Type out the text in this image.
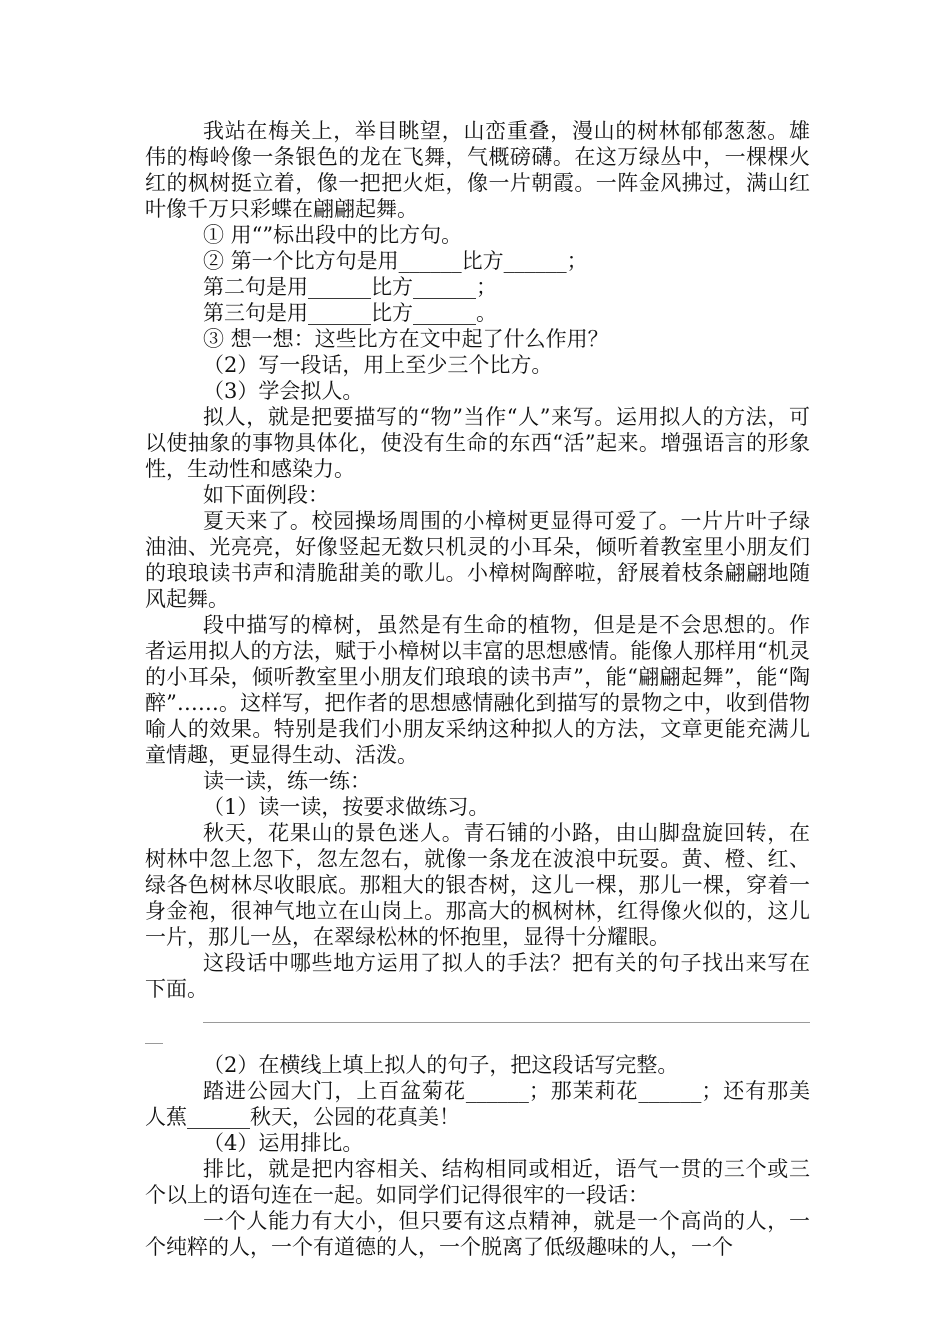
我站在梅关上，举目眺望，山峦重叠，漫山的树林郁郁葱葱。雄伟的梅岭像一条银色的龙在飞舞，气概磅礴。在这万绿丛中，一棵棵火红的枫树挺立着，像一把把火炬，像一片朝霞。一阵金风拂过，满山红叶像千万只彩蝶在翩翩起舞。

① 用“”标出段中的比方句。

② 第一个比方句是用______比方______；

第二句是用______比方______；

第三句是用______比方______。

③ 想一想：这些比方在文中起了什么作用？

（2）写一段话，用上至少三个比方。

（3）学会拟人。

拟人，就是把要描写的“物”当作“人”来写。运用拟人的方法，可以使抽象的事物具体化，使没有生命的东西“活”起来。增强语言的形象性，生动性和感染力。

如下面例段：

夏天来了。校园操场周围的小樟树更显得可爱了。一片片叶子绿油油、光亮亮，好像竖起无数只机灵的小耳朵，倾听着教室里小朋友们的琅琅读书声和清脆甜美的歌儿。小樟树陶醉啦，舒展着枝条翩翩地随风起舞。

段中描写的樟树，虽然是有生命的植物，但是是不会思想的。作者运用拟人的方法，赋于小樟树以丰富的思想感情。能像人那样用“机灵的小耳朵，倾听教室里小朋友们琅琅的读书声”，能“翩翩起舞”，能“陶醉”……。这样写，把作者的思想感情融化到描写的景物之中，收到借物喻人的效果。特别是我们小朋友采纳这种拟人的方法，文章更能充满儿童情趣，更显得生动、活泼。

读一读，练一练：

（1）读一读，按要求做练习。

秋天，花果山的景色迷人。青石铺的小路，由山脚盘旋回转，在树林中忽上忽下，忽左忽右，就像一条龙在波浪中玩耍。黄、橙、红、绿各色树林尽收眼底。那粗大的银杏树，这儿一棵，那儿一棵，穿着一身金袍，很神气地立在山岗上。那高大的枫树林，红得像火似的，这儿一片，那儿一丛，在翠绿松林的怀抱里，显得十分耀眼。

这段话中哪些地方运用了拟人的手法？把有关的句子找出来写在下面。

（2）在横线上填上拟人的句子，把这段话写完整。

踏进公园大门，上百盆菊花______；那茉莉花______；还有那美人蕉______秋天，公园的花真美！

（4）运用排比。

排比，就是把内容相关、结构相同或相近，语气一贯的三个或三个以上的语句连在一起。如同学们记得很牢的一段话：

一个人能力有大小，但只要有这点精神，就是一个高尚的人，一个纯粹的人，一个有道德的人，一个脱离了低级趣味的人，一个
